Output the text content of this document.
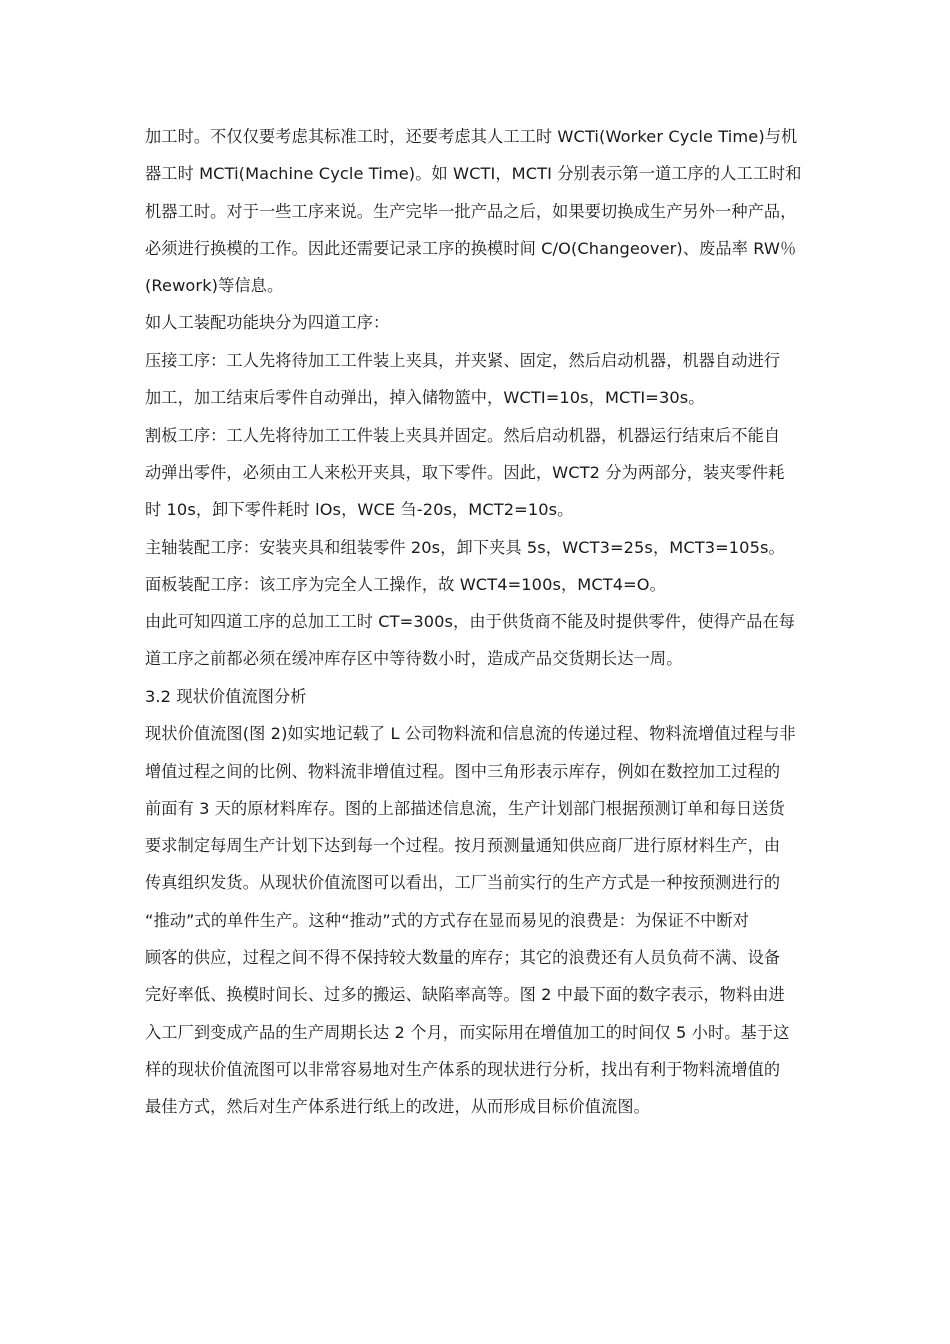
加工时。不仅仅要考虑其标准工时，还要考虑其人工工时 WCTi(Worker Cycle Time)与机
器工时 MCTi(Machine Cycle Time)。如 WCTI，MCTI 分别表示第一道工序的人工工时和
机器工时。对于一些工序来说。生产完毕一批产品之后，如果要切换成生产另外一种产品，
必须进行换模的工作。因此还需要记录工序的换模时间 C/O(Changeover)、废品率 RW％
(Rework)等信息。
如人工装配功能块分为四道工序：
压接工序：工人先将待加工工件装上夹具，并夹紧、固定，然后启动机器，机器自动进行
加工，加工结束后零件自动弹出，掉入储物篮中，WCTI=10s，MCTI=30s。
割板工序：工人先将待加工工件装上夹具并固定。然后启动机器，机器运行结束后不能自
动弹出零件，必须由工人来松开夹具，取下零件。因此，WCT2 分为两部分，装夹零件耗
时 10s，卸下零件耗时 lOs，WCE 刍-20s，MCT2=10s。
主轴装配工序：安装夹具和组装零件 20s，卸下夹具 5s，WCT3=25s，MCT3=105s。
面板装配工序：该工序为完全人工操作，故 WCT4=100s，MCT4=O。
由此可知四道工序的总加工工时 CT=300s，由于供货商不能及时提供零件，使得产品在每
道工序之前都必须在缓冲库存区中等待数小时，造成产品交货期长达一周。
3.2 现状价值流图分析
现状价值流图(图 2)如实地记载了 L 公司物料流和信息流的传递过程、物料流增值过程与非
增值过程之间的比例、物料流非增值过程。图中三角形表示库存，例如在数控加工过程的
前面有 3 天的原材料库存。图的上部描述信息流，生产计划部门根据预测订单和每日送货
要求制定每周生产计划下达到每一个过程。按月预测量通知供应商厂进行原材料生产，由
传真组织发货。从现状价值流图可以看出，工厂当前实行的生产方式是一种按预测进行的
“推动”式的单件生产。这种“推动”式的方式存在显而易见的浪费是：为保证不中断对
顾客的供应，过程之间不得不保持较大数量的库存；其它的浪费还有人员负荷不满、设备
完好率低、换模时间长、过多的搬运、缺陷率高等。图 2 中最下面的数字表示，物料由进
入工厂到变成产品的生产周期长达 2 个月，而实际用在增值加工的时间仅 5 小时。基于这
样的现状价值流图可以非常容易地对生产体系的现状进行分析，找出有利于物料流增值的
最佳方式，然后对生产体系进行纸上的改进，从而形成目标价值流图。
